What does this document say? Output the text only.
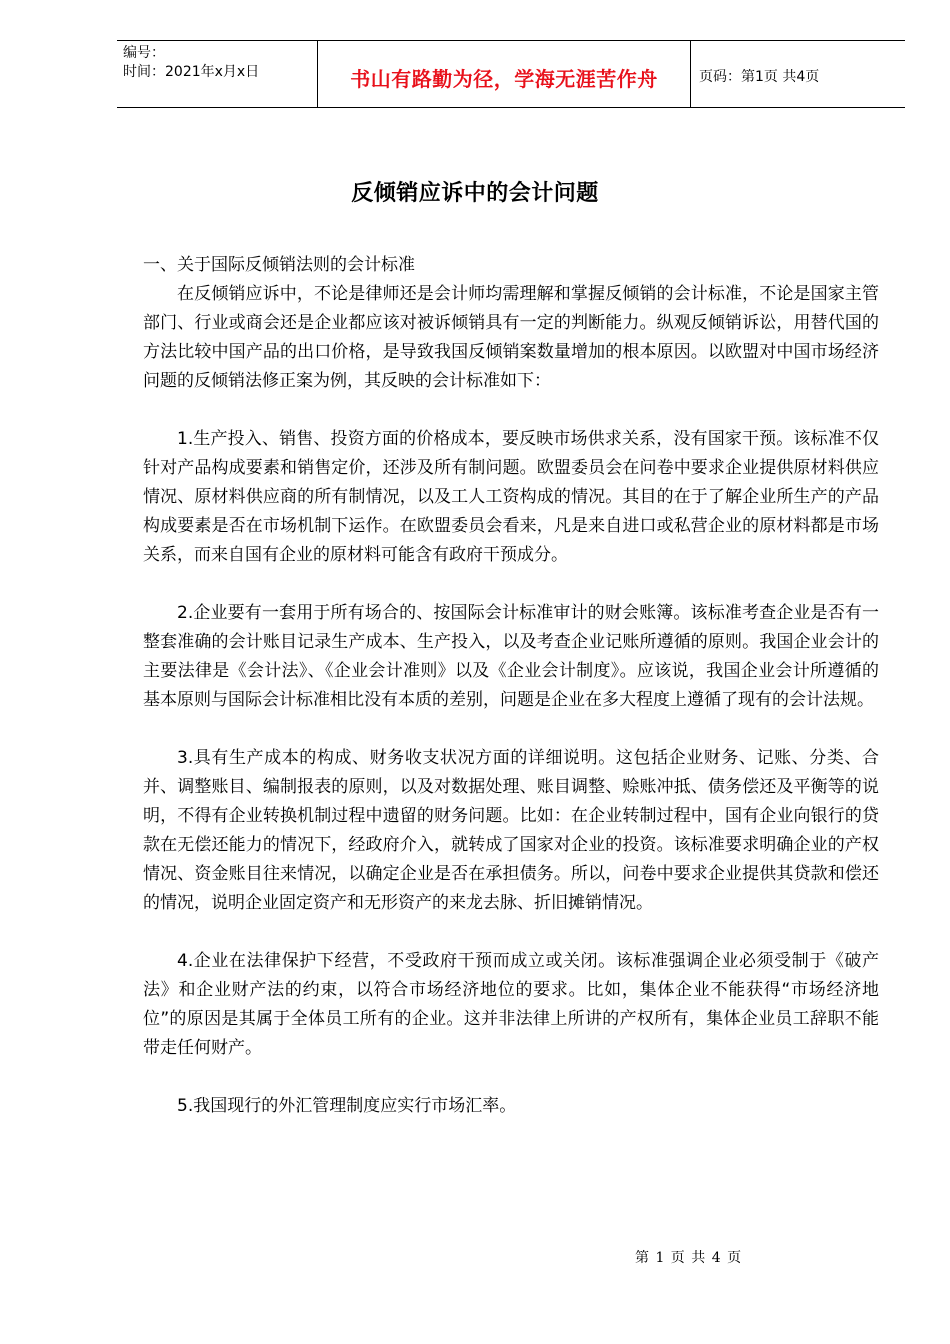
编号：
时间：2021年x月x日	书山有路勤为径，学海无涯苦作舟	页码：第1页 共4页
反倾销应诉中的会计问题

一、关于国际反倾销法则的会计标准

在反倾销应诉中，不论是律师还是会计师均需理解和掌握反倾销的会计标准，不论是国家主管部门、行业或商会还是企业都应该对被诉倾销具有一定的判断能力。纵观反倾销诉讼，用替代国的方法比较中国产品的出口价格，是导致我国反倾销案数量增加的根本原因。以欧盟对中国市场经济问题的反倾销法修正案为例，其反映的会计标准如下：

1.生产投入、销售、投资方面的价格成本，要反映市场供求关系，没有国家干预。该标准不仅针对产品构成要素和销售定价，还涉及所有制问题。欧盟委员会在问卷中要求企业提供原材料供应情况、原材料供应商的所有制情况，以及工人工资构成的情况。其目的在于了解企业所生产的产品构成要素是否在市场机制下运作。在欧盟委员会看来，凡是来自进口或私营企业的原材料都是市场关系，而来自国有企业的原材料可能含有政府干预成分。

2.企业要有一套用于所有场合的、按国际会计标准审计的财会账簿。该标准考查企业是否有一整套准确的会计账目记录生产成本、生产投入，以及考查企业记账所遵循的原则。我国企业会计的主要法律是《会计法》、《企业会计准则》以及《企业会计制度》。应该说，我国企业会计所遵循的基本原则与国际会计标准相比没有本质的差别，问题是企业在多大程度上遵循了现有的会计法规。

3.具有生产成本的构成、财务收支状况方面的详细说明。这包括企业财务、记账、分类、合并、调整账目、编制报表的原则，以及对数据处理、账目调整、赊账冲抵、债务偿还及平衡等的说明，不得有企业转换机制过程中遗留的财务问题。比如：在企业转制过程中，国有企业向银行的贷款在无偿还能力的情况下，经政府介入，就转成了国家对企业的投资。该标准要求明确企业的产权情况、资金账目往来情况，以确定企业是否在承担债务。所以，问卷中要求企业提供其贷款和偿还的情况，说明企业固定资产和无形资产的来龙去脉、折旧摊销情况。

4.企业在法律保护下经营，不受政府干预而成立或关闭。该标准强调企业必须受制于《破产法》和企业财产法的约束，以符合市场经济地位的要求。比如，集体企业不能获得“市场经济地位”的原因是其属于全体员工所有的企业。这并非法律上所讲的产权所有，集体企业员工辞职不能带走任何财产。

5.我国现行的外汇管理制度应实行市场汇率。

第 1 页 共 4 页
